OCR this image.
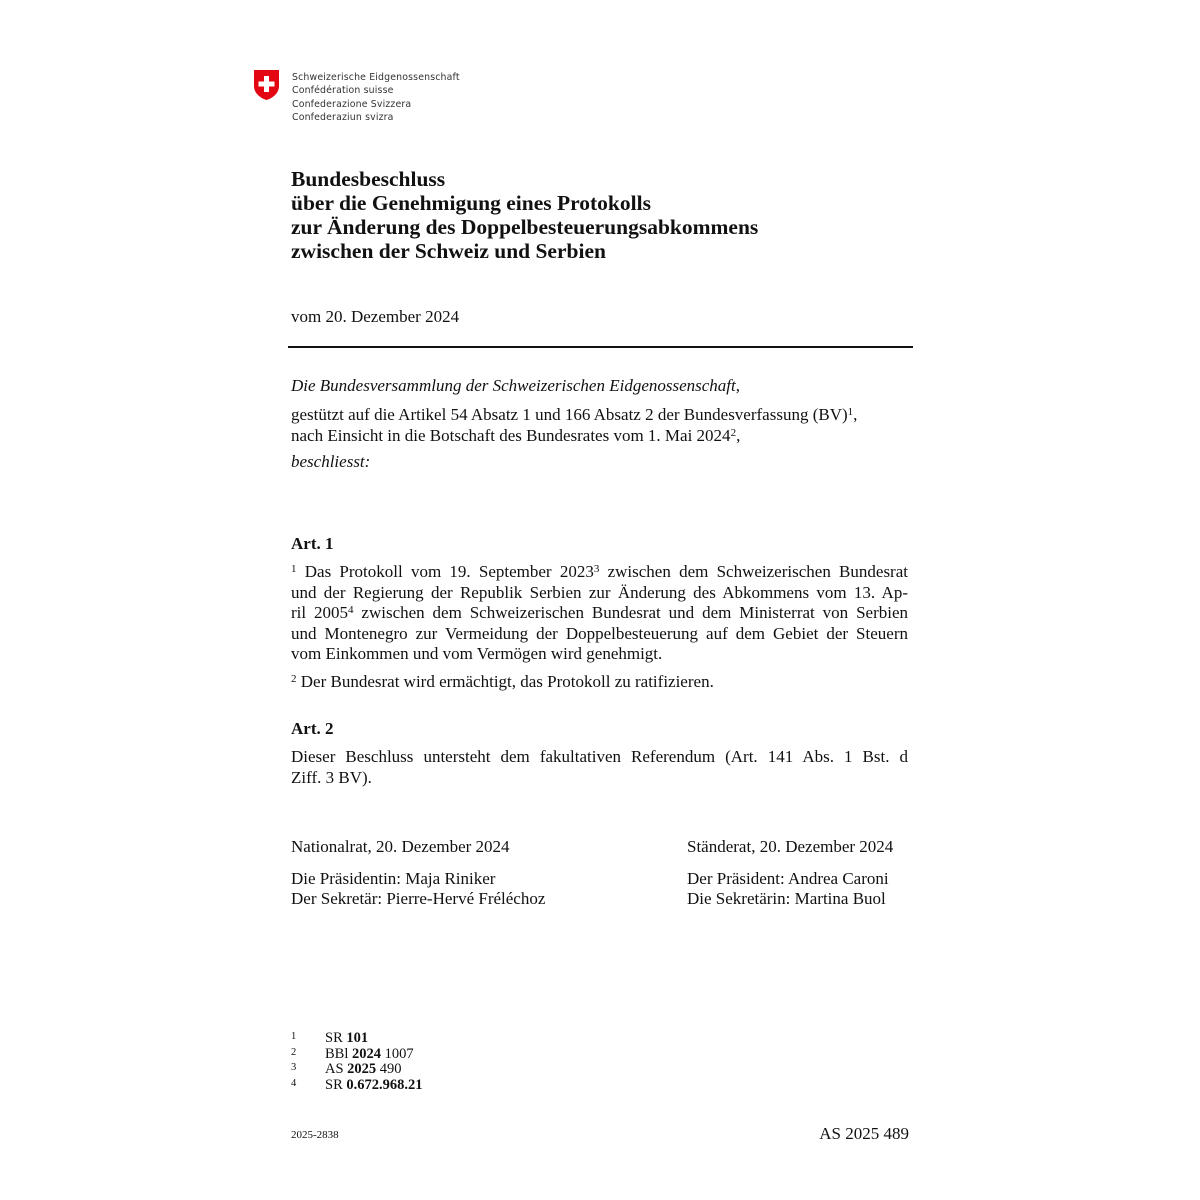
Schweizerische Eidgenossenschaft
Confédération suisse
Confederazione Svizzera
Confederaziun svizra
Bundesbeschluss
über die Genehmigung eines Protokolls
zur Änderung des Doppelbesteuerungsabkommens
zwischen der Schweiz und Serbien
vom 20. Dezember 2024
Die Bundesversammlung der Schweizerischen Eidgenossenschaft,
gestützt auf die Artikel 54 Absatz 1 und 166 Absatz 2 der Bundesverfassung (BV)$^1$,
nach Einsicht in die Botschaft des Bundesrates vom 1. Mai 2024$^2$,
beschliesst:
Art. 1
$^1$ Das Protokoll vom 19. September 2023$^3$ zwischen dem Schweizerischen Bundesrat
und der Regierung der Republik Serbien zur Änderung des Abkommens vom 13. Ap-
ril 2005$^4$ zwischen dem Schweizerischen Bundesrat und dem Ministerrat von Serbien
und Montenegro zur Vermeidung der Doppelbesteuerung auf dem Gebiet der Steuern
vom Einkommen und vom Vermögen wird genehmigt.
$^2$ Der Bundesrat wird ermächtigt, das Protokoll zu ratifizieren.
Art. 2
Dieser Beschluss untersteht dem fakultativen Referendum (Art. 141 Abs. 1 Bst. d
Ziff. 3 BV).
Nationalrat, 20. Dezember 2024
Die Präsidentin: Maja Riniker
Der Sekretär: Pierre-Hervé Fréléchoz
Ständerat, 20. Dezember 2024
Der Präsident: Andrea Caroni
Die Sekretärin: Martina Buol
1	SR 101
2	BBl 2024 1007
3	AS 2025 490
4	SR 0.672.968.21
2025-2838	AS 2025 489
